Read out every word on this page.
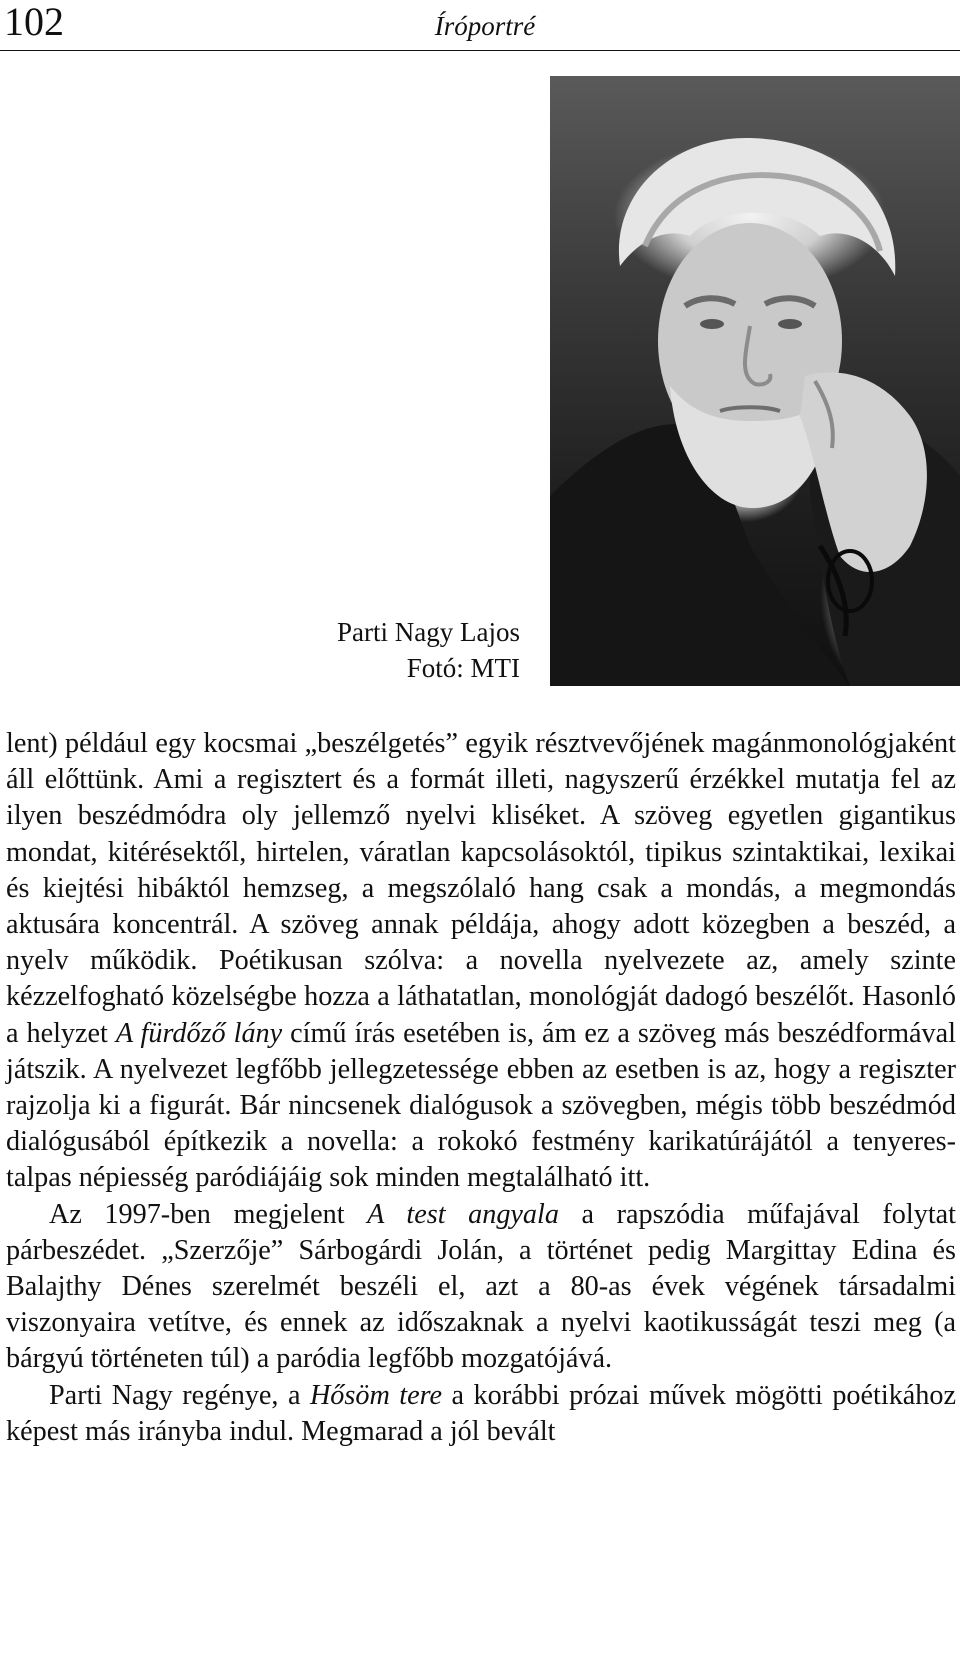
102	Íróportré
Parti Nagy Lajos
Fotó: MTI

lent) például egy kocsmai „beszélgetés” egyik résztvevőjének magánmonológjaként áll előttünk. Ami a regisztert és a formát illeti, nagyszerű érzékkel mutatja fel az ilyen beszédmódra oly jellemző nyelvi kliséket. A szöveg egyetlen gigantikus mondat, kitérésektől, hirtelen, váratlan kapcsolásoktól, tipikus szintaktikai, lexikai és kiejtési hibáktól hemzseg, a megszólaló hang csak a mondás, a megmondás aktusára koncentrál. A szöveg annak példája, ahogy adott közegben a beszéd, a nyelv működik. Poétikusan szólva: a novella nyelvezete az, amely szinte kézzelfogható közelségbe hozza a láthatatlan, monológját dadogó beszélőt. Hasonló a helyzet A fürdőző lány című írás esetében is, ám ez a szöveg más beszédformával játszik. A nyelvezet legfőbb jellegzetessége ebben az esetben is az, hogy a regiszter rajzolja ki a figurát. Bár nincsenek dialógusok a szövegben, mégis több beszédmód dialógusából építkezik a novella: a rokokó festmény karikatúrájától a tenyeres-talpas népiesség paródiájáig sok minden megtalálható itt.

Az 1997-ben megjelent A test angyala a rapszódia műfajával folytat párbeszédet. „Szerzője” Sárbogárdi Jolán, a történet pedig Margittay Edina és Balajthy Dénes szerelmét beszéli el, azt a 80-as évek végének társadalmi viszonyaira vetítve, és ennek az időszaknak a nyelvi kaotikusságát teszi meg (a bárgyú történeten túl) a paródia legfőbb mozgatójává.

Parti Nagy regénye, a Hősöm tere a korábbi prózai művek mögötti poétikához képest más irányba indul. Megmarad a jól bevált
